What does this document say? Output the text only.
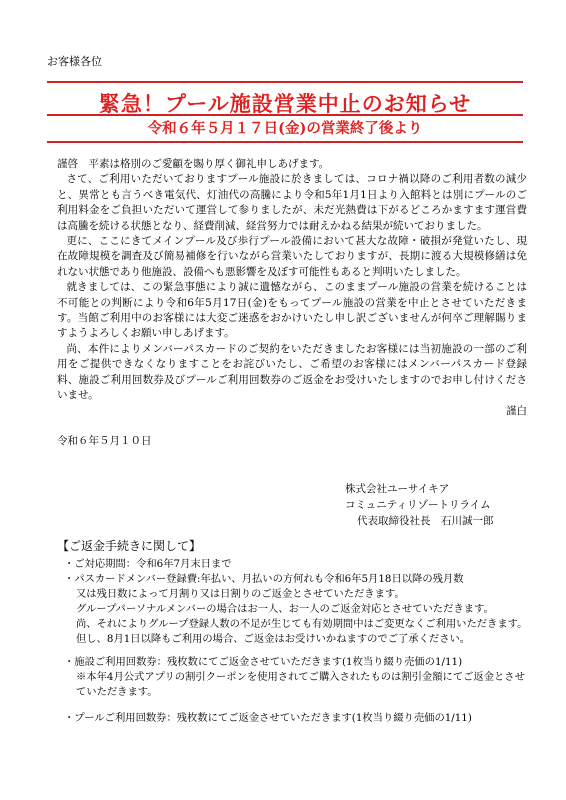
お客様各位
緊急！プール施設営業中止のお知らせ
令和６年５月１７日(金)の営業終了後より

謹啓　平素は格別のご愛顧を賜り厚く御礼申しあげます。

さて、ご利用いただいておりますプール施設に於きましては、コロナ禍以降のご利用者数の減少と、異常とも言うべき電気代、灯油代の高騰により令和5年1月1日より入館料とは別にプールのご利用料金をご負担いただいて運営して参りましたが、未だ光熱費は下がるどころかますます運営費は高騰を続ける状態となり、経費削減、経営努力では耐えかねる結果が続いておりました。

更に、ここにきてメインプール及び歩行プール設備において甚大な故障・破損が発覚いたし、現在故障規模を調査及び簡易補修を行いながら営業いたしておりますが、長期に渡る大規模修繕は免れない状態であり他施設、設備へも悪影響を及ぼす可能性もあると判明いたしました。

就きましては、この緊急事態により誠に遺憾ながら、このままプール施設の営業を続けることは不可能との判断により令和6年5月17日(金)をもってプール施設の営業を中止とさせていただきます。当館ご利用中のお客様には大変ご迷惑をおかけいたし申し訳ございませんが何卒ご理解賜りますようよろしくお願い申しあげます。

尚、本件によりメンバーパスカードのご契約をいただきましたお客様には当初施設の一部のご利用をご提供できなくなりますことをお詫びいたし、ご希望のお客様にはメンバーパスカード登録料、施設ご利用回数券及びプールご利用回数券のご返金をお受けいたしますのでお申し付けくださいませ。

謹白
令和６年５月１０日
株式会社ユーサイキア
コミュニティリゾートリライム
代表取締役社長　石川誠一郎
【ご返金手続きに関して】
・ご対応期間：令和6年7月末日まで
・パスカードメンバー登録費:年払い、月払いの方何れも令和6年5月18日以降の残月数
又は残日数によって月割り又は日割りのご返金とさせていただきます。
グループパーソナルメンバーの場合はお一人、お一人のご返金対応とさせていただきます。
尚、それによりグループ登録人数の不足が生じても有効期間中はご変更なくご利用いただきます。但し、8月1日以降もご利用の場合、ご返金はお受けいかねますのでご了承ください。
・施設ご利用回数券：残枚数にてご返金させていただきます(1枚当り綴り売価の1/11)
※本年4月公式アプリの割引クーポンを使用されてご購入されたものは割引金額にてご返金とさせていただきます。
・プールご利用回数券：残枚数にてご返金させていただきます(1枚当り綴り売価の1/11)
